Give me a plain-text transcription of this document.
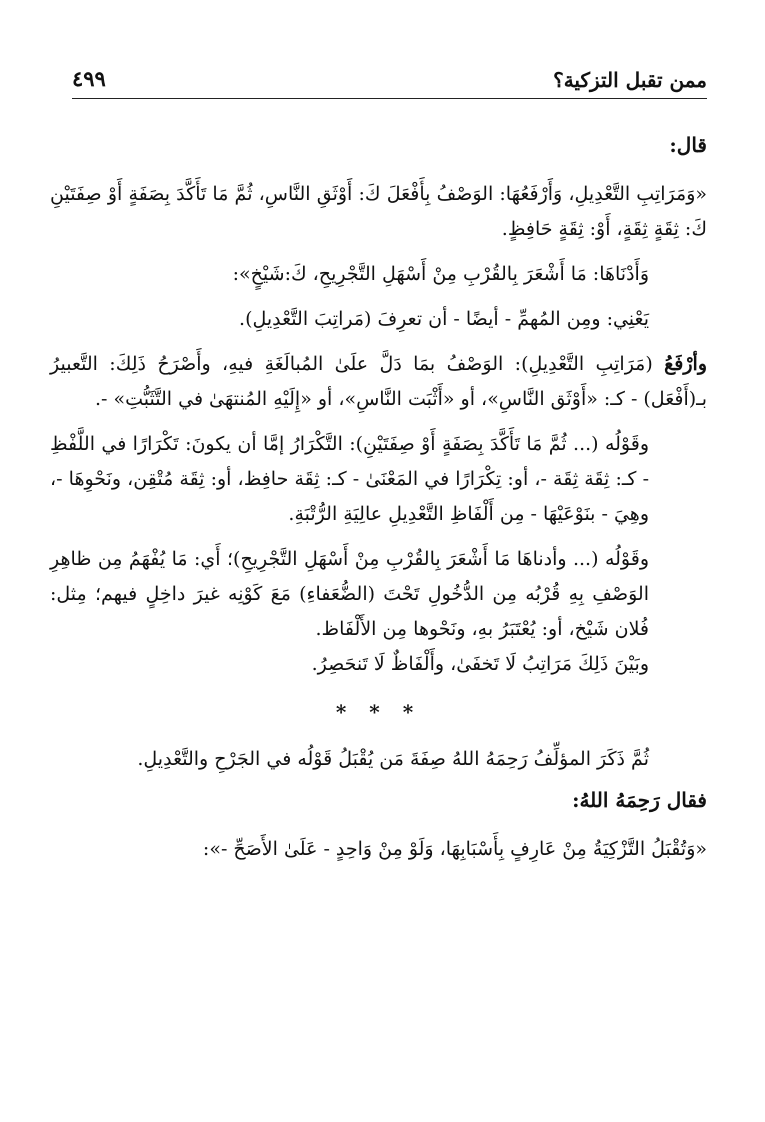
ممن تقبل التزكية؟
٤٩٩

قال:

«وَمَرَاتِبِ التَّعْدِيلِ، وَأَرْفَعُهَا: الوَصْفُ بِأَفْعَلَ كَ: أَوْثَقِ النَّاسِ، ثُمَّ مَا تَأَكَّدَ بِصَفَةٍ أَوْ صِفَتَيْنِ كَ: ثِقَةٍ ثِقَةٍ، أَوْ: ثِقَةٍ حَافِظٍ.

وَأَدْنَاهَا: مَا أَشْعَرَ بِالقُرْبِ مِنْ أَسْهَلِ التَّجْرِيحِ، كَ:شَيْخٍ»:

يَعْنِي: ومِن المُهمِّ - أيضًا - أن تعرِفَ (مَراتِبَ التَّعْدِيلِ).

وأرْفَعُ (مَرَاتِبِ التَّعْدِيلِ): الوَصْفُ بمَا دَلَّ علَىٰ المُبالَغَةِ فيهِ، وأَصْرَحُ ذَلِكَ: التَّعبيرُ بـ(أَفْعَل) - كـ: «أَوْثَق النَّاسِ»، أو «أَثْبَت النَّاسِ»، أو «إِلَيْهِ المُنتهَىٰ في التَّثَبُّتِ» -.

وقَوْلُه (... ثُمَّ مَا تَأَكَّدَ بِصَفَةٍ أَوْ صِفَتَيْنِ): التَّكْرَارُ إمَّا أن يكونَ: تَكْرَارًا في اللَّفْظِ - كـ: ثِقَة ثِقَة -، أو: تِكْرَارًا في المَعْنَىٰ - كـ: ثِقَة حافِظ، أو: ثِقَة مُتْقِن، ونَحْوِهَا -، وهِيَ - بنَوْعَيْهَا - مِن أَلْفَاظِ التَّعْدِيلِ عالِيَةِ الرُّتْبَةِ.

وقَوْلُه (... وأدناهَا مَا أَشْعَرَ بِالقُرْبِ مِنْ أَسْهَلِ التَّجْرِيحِ)؛ أَي: مَا يُفْهَمُ مِن ظاهِرِ الوَصْفِ بِهِ قُرْبُه مِن الدُّخُولِ تَحْتَ (الضُّعَفاءِ) مَعَ كَوْنِه غيرَ داخِلٍ فيهم؛ مِثل: فُلان شَيْخ، أو: يُعْتَبَرُ بهِ، ونَحْوها مِن الأَلْفَاظ.

وبَيْنَ ذَلِكَ مَرَاتِبُ لَا تَخفَىٰ، وأَلْفَاظٌ لَا تَنحَصِرُ.

* * *

ثُمَّ ذَكَرَ المؤلِّفُ رَحِمَهُ اللهُ صِفَةَ مَن يُقْبَلُ قَوْلُه في الجَرْحِ والتَّعْدِيلِ.

فقال رَحِمَهُ اللهُ:

«وَتُقْبَلُ التَّزْكِيَةُ مِنْ عَارِفٍ بِأَسْبَابِهَا، وَلَوْ مِنْ وَاحِدٍ - عَلَىٰ الأَصَحِّ -»:
